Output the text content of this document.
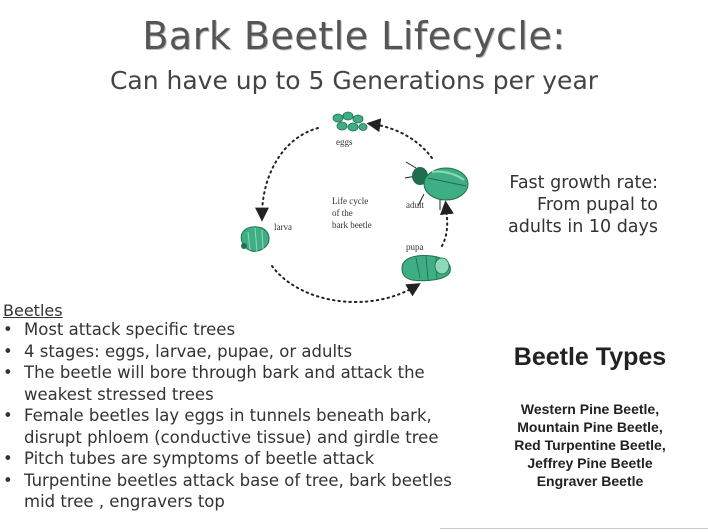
Bark Beetle Lifecycle:
Can have up to 5 Generations per year
eggs
adult
Life cycle
of the
bark beetle
larva
pupa
Fast growth rate:
From pupal to
adults in 10 days
Beetles
• Most attack specific trees
• 4 stages: eggs, larvae, pupae, or adults
• The beetle will bore through bark and attack the weakest stressed trees
• Female beetles lay eggs in tunnels beneath bark, disrupt phloem (conductive tissue) and girdle tree
• Pitch tubes are symptoms of beetle attack
• Turpentine beetles attack base of tree, bark beetles mid tree , engravers top
Beetle Types
Western Pine Beetle,
Mountain Pine Beetle,
Red Turpentine Beetle,
Jeffrey Pine Beetle
Engraver Beetle
